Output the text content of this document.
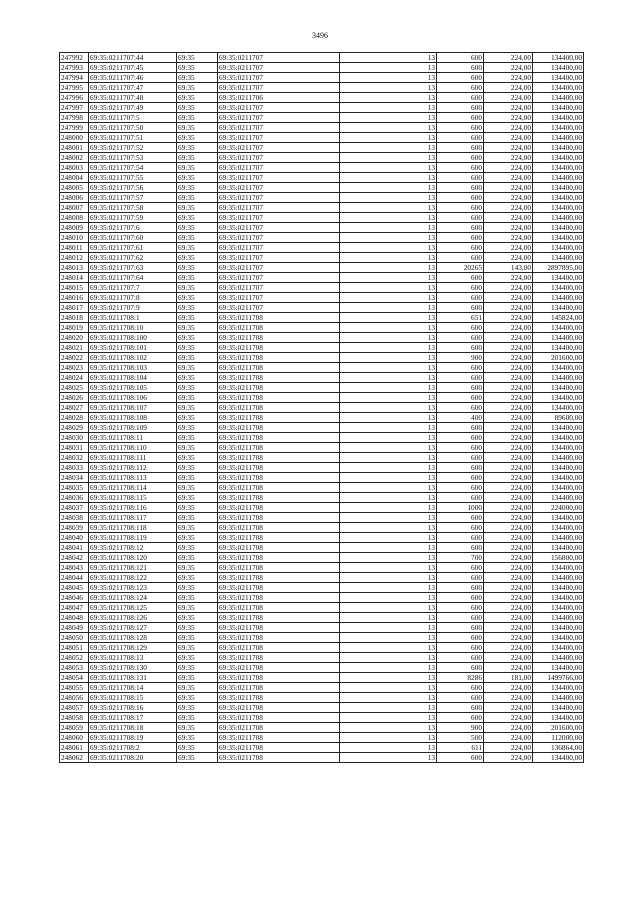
3496
247992	69:35:0211707:44	69:35	69:35:0211707	13	600	224,00	134400,00
247993	69:35:0211707:45	69:35	69:35:0211707	13	600	224,00	134400,00
247994	69:35:0211707:46	69:35	69:35:0211707	13	600	224,00	134400,00
247995	69:35:0211707:47	69:35	69:35:0211707	13	600	224,00	134400,00
247996	69:35:0211707:48	69:35	69:35:0211706	13	600	224,00	134400,00
247997	69:35:0211707:49	69:35	69:35:0211707	13	600	224,00	134400,00
247998	69:35:0211707:5	69:35	69:35:0211707	13	600	224,00	134400,00
247999	69:35:0211707:50	69:35	69:35:0211707	13	600	224,00	134400,00
248000	69:35:0211707:51	69:35	69:35:0211707	13	600	224,00	134400,00
248001	69:35:0211707:52	69:35	69:35:0211707	13	600	224,00	134400,00
248002	69:35:0211707:53	69:35	69:35:0211707	13	600	224,00	134400,00
248003	69:35:0211707:54	69:35	69:35:0211707	13	600	224,00	134400,00
248004	69:35:0211707:55	69:35	69:35:0211707	13	600	224,00	134400,00
248005	69:35:0211707:56	69:35	69:35:0211707	13	600	224,00	134400,00
248006	69:35:0211707:57	69:35	69:35:0211707	13	600	224,00	134400,00
248007	69:35:0211707:58	69:35	69:35:0211707	13	600	224,00	134400,00
248008	69:35:0211707:59	69:35	69:35:0211707	13	600	224,00	134400,00
248009	69:35:0211707:6	69:35	69:35:0211707	13	600	224,00	134400,00
248010	69:35:0211707:60	69:35	69:35:0211707	13	600	224,00	134400,00
248011	69:35:0211707:61	69:35	69:35:0211707	13	600	224,00	134400,00
248012	69:35:0211707:62	69:35	69:35:0211707	13	600	224,00	134400,00
248013	69:35:0211707:63	69:35	69:35:0211707	13	20265	143,00	2897895,00
248014	69:35:0211707:64	69:35	69:35:0211707	13	600	224,00	134400,00
248015	69:35:0211707:7	69:35	69:35:0211707	13	600	224,00	134400,00
248016	69:35:0211707:8	69:35	69:35:0211707	13	600	224,00	134400,00
248017	69:35:0211707:9	69:35	69:35:0211707	13	600	224,00	134400,00
248018	69:35:0211708:1	69:35	69:35:0211708	13	651	224,00	145824,00
248019	69:35:0211708:10	69:35	69:35:0211708	13	600	224,00	134400,00
248020	69:35:0211708:100	69:35	69:35:0211708	13	600	224,00	134400,00
248021	69:35:0211708:101	69:35	69:35:0211708	13	600	224,00	134400,00
248022	69:35:0211708:102	69:35	69:35:0211708	13	900	224,00	201600,00
248023	69:35:0211708:103	69:35	69:35:0211708	13	600	224,00	134400,00
248024	69:35:0211708:104	69:35	69:35:0211708	13	600	224,00	134400,00
248025	69:35:0211708:105	69:35	69:35:0211708	13	600	224,00	134400,00
248026	69:35:0211708:106	69:35	69:35:0211708	13	600	224,00	134400,00
248027	69:35:0211708:107	69:35	69:35:0211708	13	600	224,00	134400,00
248028	69:35:0211708:108	69:35	69:35:0211708	13	400	224,00	89600,00
248029	69:35:0211708:109	69:35	69:35:0211708	13	600	224,00	134400,00
248030	69:35:0211708:11	69:35	69:35:0211708	13	600	224,00	134400,00
248031	69:35:0211708:110	69:35	69:35:0211708	13	600	224,00	134400,00
248032	69:35:0211708:111	69:35	69:35:0211708	13	600	224,00	134400,00
248033	69:35:0211708:112	69:35	69:35:0211708	13	600	224,00	134400,00
248034	69:35:0211708:113	69:35	69:35:0211708	13	600	224,00	134400,00
248035	69:35:0211708:114	69:35	69:35:0211708	13	600	224,00	134400,00
248036	69:35:0211708:115	69:35	69:35:0211708	13	600	224,00	134400,00
248037	69:35:0211708:116	69:35	69:35:0211708	13	1000	224,00	224000,00
248038	69:35:0211708:117	69:35	69:35:0211708	13	600	224,00	134400,00
248039	69:35:0211708:118	69:35	69:35:0211708	13	600	224,00	134400,00
248040	69:35:0211708:119	69:35	69:35:0211708	13	600	224,00	134400,00
248041	69:35:0211708:12	69:35	69:35:0211708	13	600	224,00	134400,00
248042	69:35:0211708:120	69:35	69:35:0211708	13	700	224,00	156800,00
248043	69:35:0211708:121	69:35	69:35:0211708	13	600	224,00	134400,00
248044	69:35:0211708:122	69:35	69:35:0211708	13	600	224,00	134400,00
248045	69:35:0211708:123	69:35	69:35:0211708	13	600	224,00	134400,00
248046	69:35:0211708:124	69:35	69:35:0211708	13	600	224,00	134400,00
248047	69:35:0211708:125	69:35	69:35:0211708	13	600	224,00	134400,00
248048	69:35:0211708:126	69:35	69:35:0211708	13	600	224,00	134400,00
248049	69:35:0211708:127	69:35	69:35:0211708	13	600	224,00	134400,00
248050	69:35:0211708:128	69:35	69:35:0211708	13	600	224,00	134400,00
248051	69:35:0211708:129	69:35	69:35:0211708	13	600	224,00	134400,00
248052	69:35:0211708:13	69:35	69:35:0211708	13	600	224,00	134400,00
248053	69:35:0211708:130	69:35	69:35:0211708	13	600	224,00	134400,00
248054	69:35:0211708:131	69:35	69:35:0211708	13	8286	181,00	1499766,00
248055	69:35:0211708:14	69:35	69:35:0211708	13	600	224,00	134400,00
248056	69:35:0211708:15	69:35	69:35:0211708	13	600	224,00	134400,00
248057	69:35:0211708:16	69:35	69:35:0211708	13	600	224,00	134400,00
248058	69:35:0211708:17	69:35	69:35:0211708	13	600	224,00	134400,00
248059	69:35:0211708:18	69:35	69:35:0211708	13	900	224,00	201600,00
248060	69:35:0211708:19	69:35	69:35:0211708	13	500	224,00	112000,00
248061	69:35:0211708:2	69:35	69:35:0211708	13	611	224,00	136864,00
248062	69:35:0211708:20	69:35	69:35:0211708	13	600	224,00	134400,00
